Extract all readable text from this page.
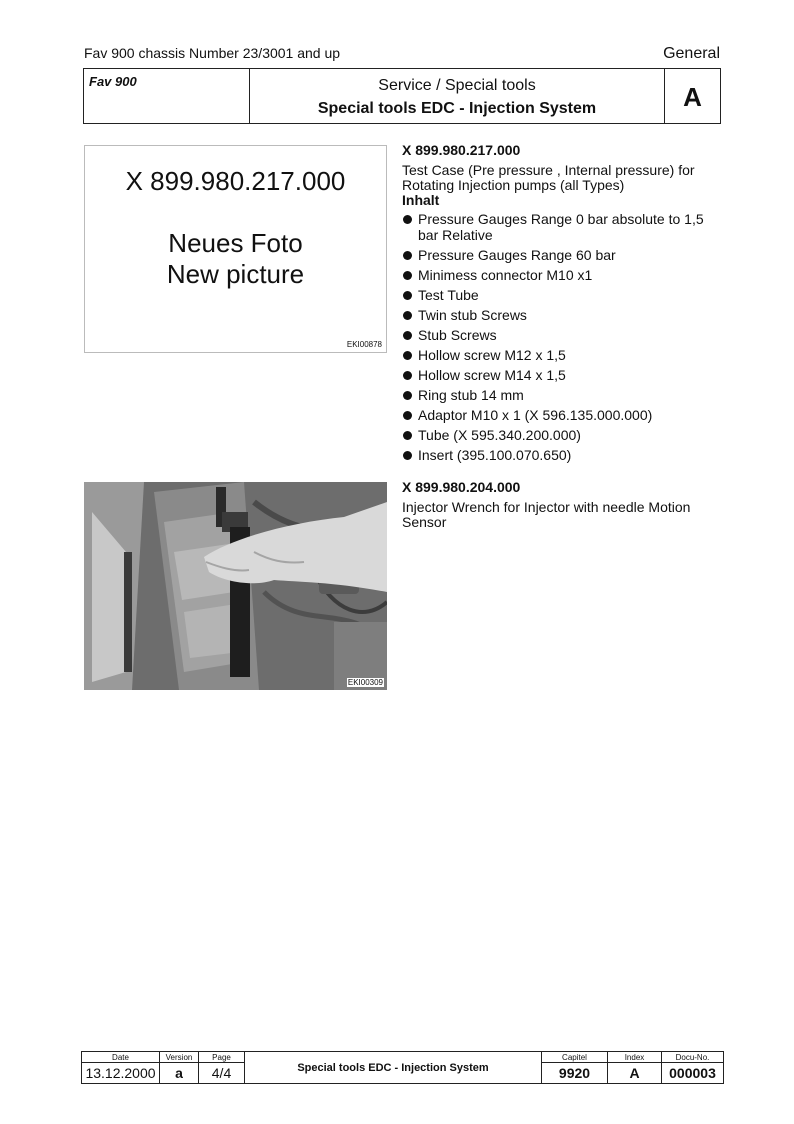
Fav 900 chassis Number 23/3001 and up	General
Fav 900	Service / Special tools
Special tools EDC - Injection System	A
X 899.980.217.000
Neues Foto
New picture
EKI00878
EKI00309
X 899.980.217.000
Test Case (Pre pressure , Internal pressure) for
Rotating Injection pumps (all Types)
Inhalt
Pressure Gauges Range 0 bar absolute to 1,5 bar Relative
Pressure Gauges Range 60 bar
Minimess connector M10 x1
Test Tube
Twin stub Screws
Stub Screws
Hollow screw M12 x 1,5
Hollow screw M14 x 1,5
Ring stub 14 mm
Adaptor M10 x 1 (X 596.135.000.000)
Tube (X 595.340.200.000)
Insert (395.100.070.650)
X 899.980.204.000
Injector Wrench for Injector with needle Motion
Sensor
Date	Version	Page	Special tools EDC - Injection System	Capitel	Index	Docu-No.
13.12.2000	a	4/4		9920	A	000003
